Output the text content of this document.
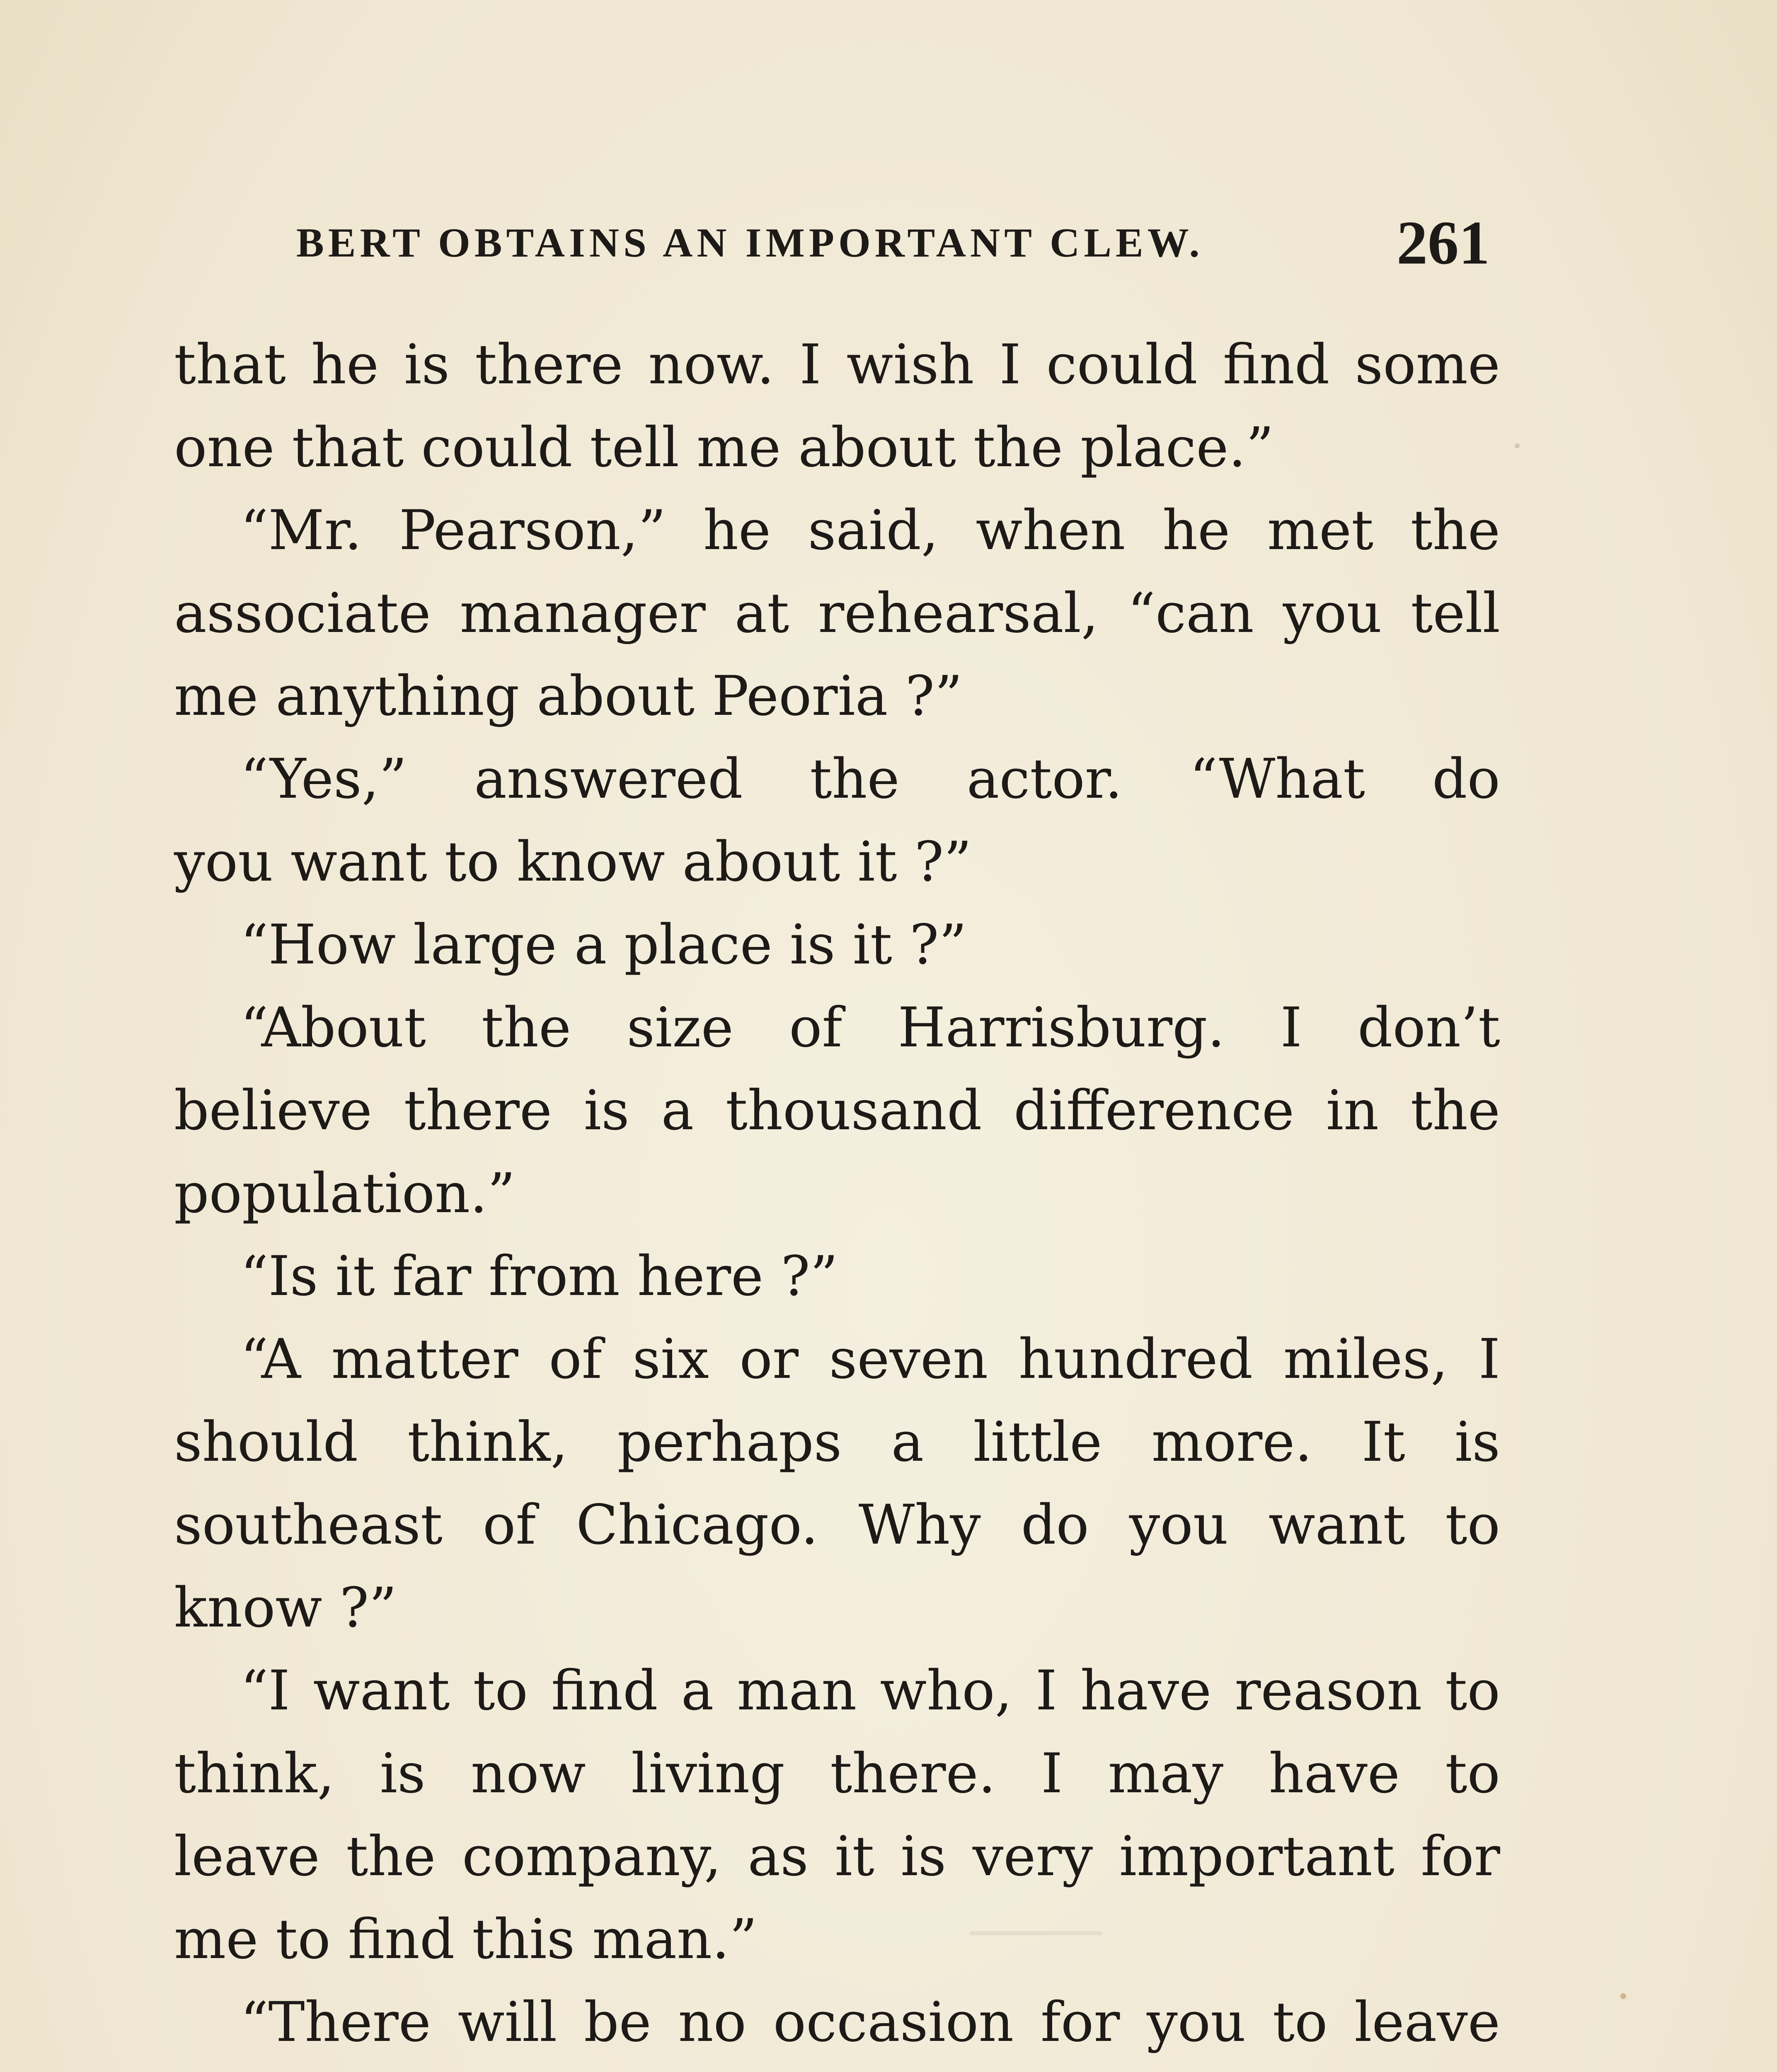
BERT OBTAINS AN IMPORTANT CLEW.	261
that he is there now. I wish I could find some
one that could tell me about the place.”
“Mr. Pearson,” he said, when he met the
associate manager at rehearsal, “can you tell
me anything about Peoria ?”
“Yes,” answered the actor. “What do
you want to know about it ?”
“How large a place is it ?”
“About the size of Harrisburg. I don’t
believe there is a thousand difference in the
population.”
“Is it far from here ?”
“A matter of six or seven hundred miles, I
should think, perhaps a little more. It is
southeast of Chicago. Why do you want to
know ?”
“I want to find a man who, I have reason to
think, is now living there. I may have to
leave the company, as it is very important for
me to find this man.”
“There will be no occasion for you to leave
